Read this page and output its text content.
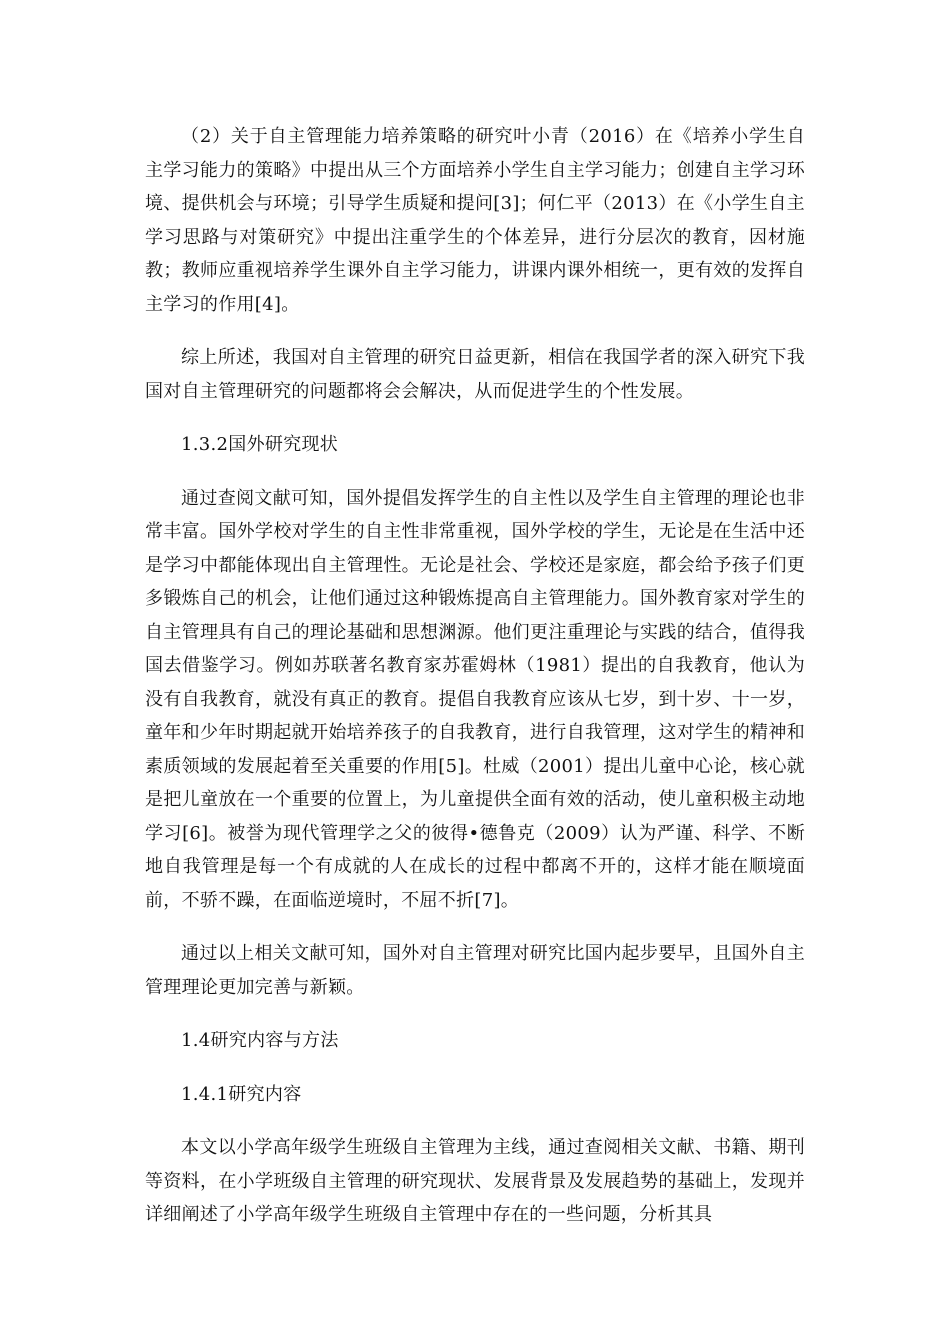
（2）关于自主管理能力培养策略的研究叶小青（2016）在《培养小学生自主学习能力的策略》中提出从三个方面培养小学生自主学习能力；创建自主学习环境、提供机会与环境；引导学生质疑和提问[3]；何仁平（2013）在《小学生自主学习思路与对策研究》中提出注重学生的个体差异，进行分层次的教育，因材施教；教师应重视培养学生课外自主学习能力，讲课内课外相统一，更有效的发挥自主学习的作用[4]。

综上所述，我国对自主管理的研究日益更新，相信在我国学者的深入研究下我国对自主管理研究的问题都将会会解决，从而促进学生的个性发展。

1.3.2国外研究现状

通过查阅文献可知，国外提倡发挥学生的自主性以及学生自主管理的理论也非常丰富。国外学校对学生的自主性非常重视，国外学校的学生，无论是在生活中还是学习中都能体现出自主管理性。无论是社会、学校还是家庭，都会给予孩子们更多锻炼自己的机会，让他们通过这种锻炼提高自主管理能力。国外教育家对学生的自主管理具有自己的理论基础和思想渊源。他们更注重理论与实践的结合，值得我国去借鉴学习。例如苏联著名教育家苏霍姆林（1981）提出的自我教育，他认为没有自我教育，就没有真正的教育。提倡自我教育应该从七岁，到十岁、十一岁，童年和少年时期起就开始培养孩子的自我教育，进行自我管理，这对学生的精神和素质领域的发展起着至关重要的作用[5]。杜威（2001）提出儿童中心论，核心就是把儿童放在一个重要的位置上，为儿童提供全面有效的活动，使儿童积极主动地学习[6]。被誉为现代管理学之父的彼得•德鲁克（2009）认为严谨、科学、不断地自我管理是每一个有成就的人在成长的过程中都离不开的，这样才能在顺境面前，不骄不躁，在面临逆境时，不屈不折[7]。

通过以上相关文献可知，国外对自主管理对研究比国内起步要早，且国外自主管理理论更加完善与新颖。

1.4研究内容与方法

1.4.1研究内容

本文以小学高年级学生班级自主管理为主线，通过查阅相关文献、书籍、期刊等资料，在小学班级自主管理的研究现状、发展背景及发展趋势的基础上，发现并详细阐述了小学高年级学生班级自主管理中存在的一些问题，分析其具
